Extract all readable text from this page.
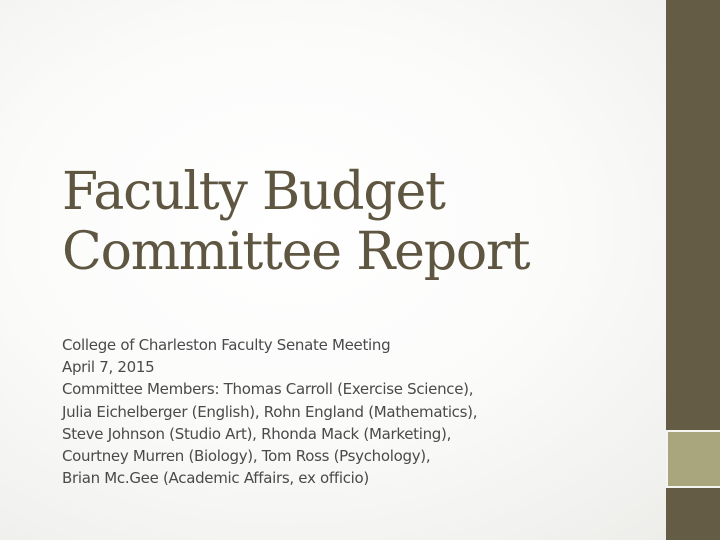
Faculty Budget
Committee Report
College of Charleston Faculty Senate Meeting
April 7, 2015
Committee Members: Thomas Carroll (Exercise Science),
Julia Eichelberger (English), Rohn England (Mathematics),
Steve Johnson (Studio Art), Rhonda Mack (Marketing),
Courtney Murren (Biology), Tom Ross (Psychology),
Brian Mc.Gee (Academic Affairs, ex officio)
